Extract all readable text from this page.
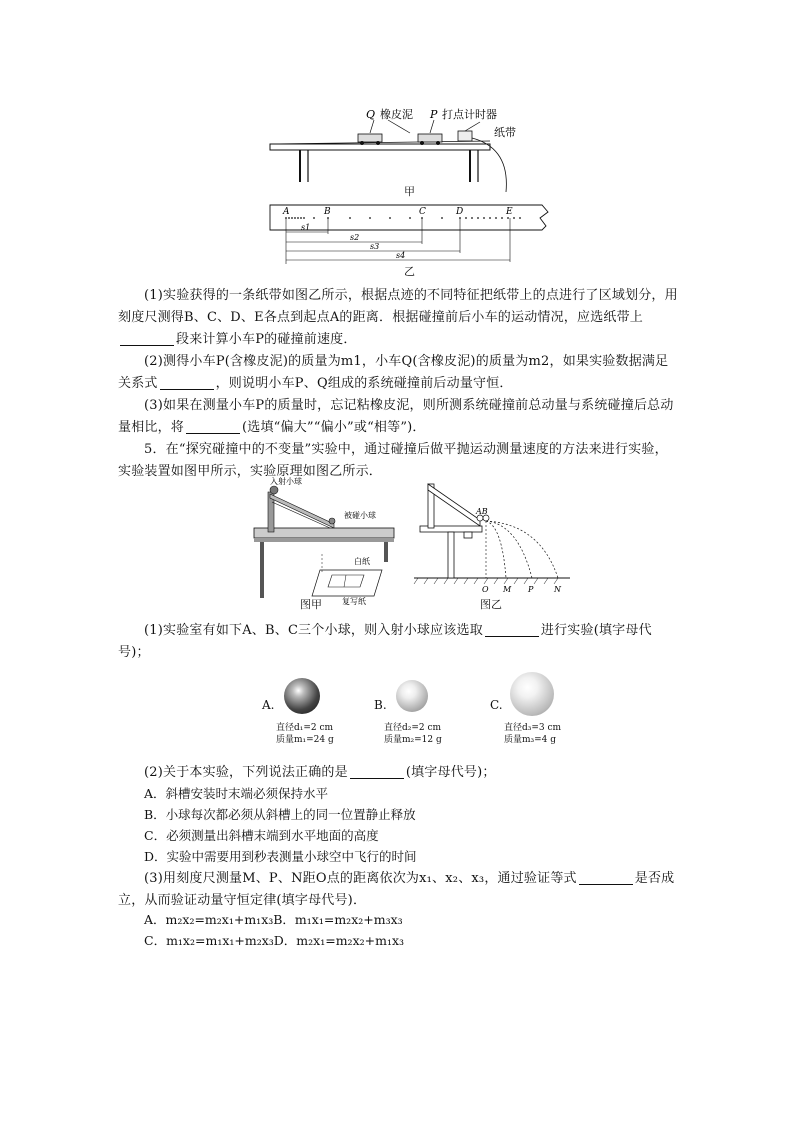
Q 橡皮泥 P 打点计时器
纸带
甲
A	B	C	D	E
s1
s2
s3
s4
乙
(1)实验获得的一条纸带如图乙所示，根据点迹的不同特征把纸带上的点进行了区域划分，用刻度尺测得B、C、D、E各点到起点A的距离．根据碰撞前后小车的运动情况，应选纸带上段来计算小车P的碰撞前速度．
(2)测得小车P(含橡皮泥)的质量为m1，小车Q(含橡皮泥)的质量为m2，如果实验数据满足关系式	，则说明小车P、Q组成的系统碰撞前后动量守恒．
(3)如果在测量小车P的质量时，忘记粘橡皮泥，则所测系统碰撞前总动量与系统碰撞后总动量相比，将	(选填“偏大”“偏小”或“相等”)．
5．在“探究碰撞中的不变量”实验中，通过碰撞后做平抛运动测量速度的方法来进行实验，实验装置如图甲所示，实验原理如图乙所示．
入射小球
被碰小球
白纸
复写纸
图甲
AB
O M P	N
图乙
(1)实验室有如下A、B、C三个小球，则入射小球应该选取	进行实验(填字母代号)；
A.
直径d₁=2 cm
质量m₁=24 g
B.
直径d₂=2 cm
质量m₂=12 g
C.
直径d₃=3 cm
质量m₃=4 g
(2)关于本实验，下列说法正确的是	(填字母代号)；
A．斜槽安装时末端必须保持水平
B．小球每次都必须从斜槽上的同一位置静止释放
C．必须测量出斜槽末端到水平地面的高度
D．实验中需要用到秒表测量小球空中飞行的时间
(3)用刻度尺测量M、P、N距O点的距离依次为x₁、x₂、x₃，通过验证等式	是否成立，从而验证动量守恒定律(填字母代号)．
A．m₂x₂=m₂x₁+m₁x₃B．m₁x₁=m₂x₂+m₃x₃
C．m₁x₂=m₁x₁+m₂x₃D．m₂x₁=m₂x₂+m₁x₃
